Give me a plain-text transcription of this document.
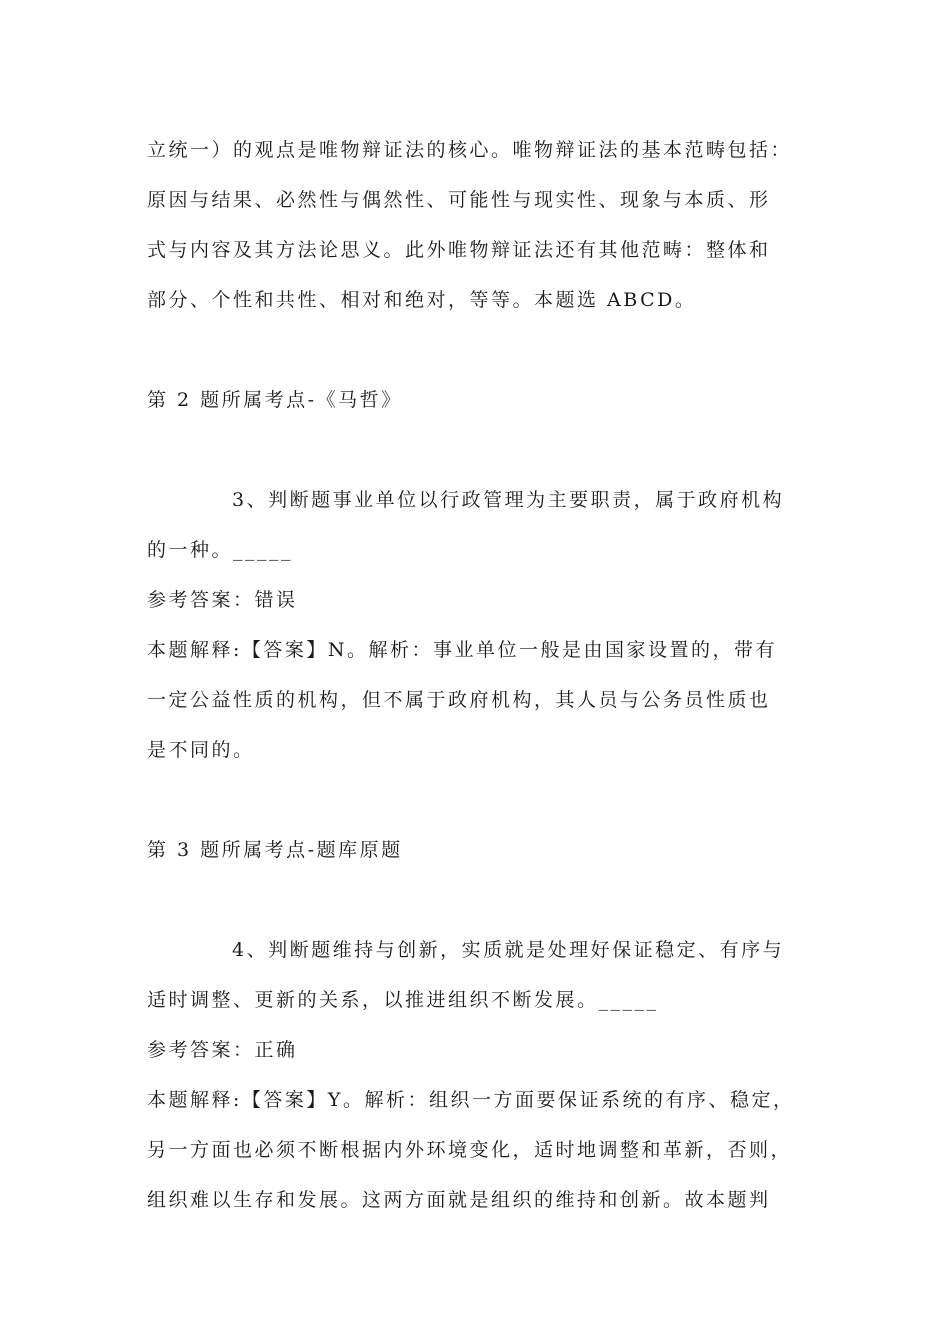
立统一）的观点是唯物辩证法的核心。唯物辩证法的基本范畴包括：
原因与结果、必然性与偶然性、可能性与现实性、现象与本质、形
式与内容及其方法论思义。此外唯物辩证法还有其他范畴：整体和
部分、个性和共性、相对和绝对，等等。本题选 ABCD。
第 2 题所属考点-《马哲》
3、判断题事业单位以行政管理为主要职责，属于政府机构
的一种。_____
参考答案：错误
本题解释:【答案】N。解析：事业单位一般是由国家设置的，带有
一定公益性质的机构，但不属于政府机构，其人员与公务员性质也
是不同的。
第 3 题所属考点-题库原题
4、判断题维持与创新，实质就是处理好保证稳定、有序与
适时调整、更新的关系，以推进组织不断发展。_____
参考答案：正确
本题解释:【答案】Y。解析：组织一方面要保证系统的有序、稳定，
另一方面也必须不断根据内外环境变化，适时地调整和革新，否则，
组织难以生存和发展。这两方面就是组织的维持和创新。故本题判
